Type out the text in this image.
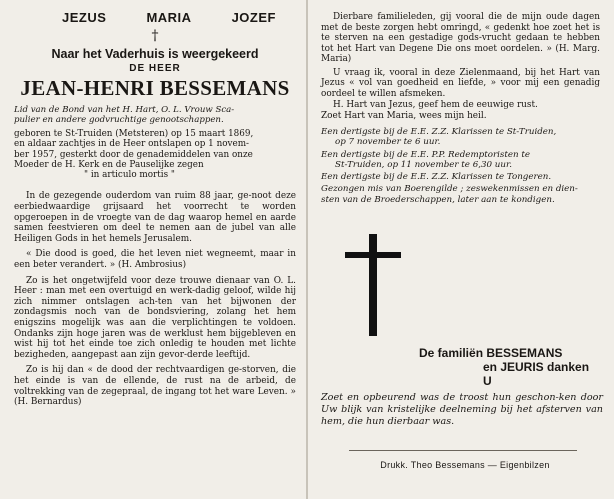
JEZUS	MARIA	JOZEF
†
Naar het Vaderhuis is weergekeerd
DE HEER
JEAN-HENRI BESSEMANS
Lid van de Bond van het H. Hart, O. L. Vrouw Sca-
pulier en andere godvruchtige genootschappen.
geboren te St-Truiden (Metsteren) op 15 maart 1869,
en aldaar zachtjes in de Heer ontslapen op 1 novem-
ber 1957, gesterkt door de genademiddelen van onze
Moeder de H. Kerk en de Pauselijke zegen
" in articulo mortis "
In de gezegende ouderdom van ruim 88 jaar, ge-noot deze eerbiedwaardige grijsaard het voorrecht te worden opgeroepen in de vroegte van de dag waarop hemel en aarde samen feestvieren om deel te nemen aan de jubel van alle Heiligen Gods in het hemels Jerusalem.
« Die dood is goed, die het leven niet wegneemt, maar in een beter verandert. » (H. Ambrosius)
Zo is het ongetwijfeld voor deze trouwe dienaar van O. L. Heer : man met een overtuigd en werk-dadig geloof, wilde hij zich nimmer ontslagen ach-ten van het bijwonen der zondagsmis noch van de bondsviering, zolang het hem enigszins mogelijk was aan die verplichtingen te voldoen. Ondanks zijn hoge jaren was de werklust hem bijgebleven en wist hij tot het einde toe zich onledig te houden met lichte bezigheden, aangepast aan zijn gevor-derde leeftijd.
Zo is hij dan « de dood der rechtvaardigen ge-storven, die het einde is van de ellende, de rust na de arbeid, de voltrekking van de zegepraal, de ingang tot het ware Leven. » (H. Bernardus)
Dierbare familieleden, gij vooral die de mijn oude dagen met de beste zorgen hebt omringd, « gedenkt hoe zoet het is te sterven na een gestadige gods-vrucht gedaan te hebben tot het Hart van Degene Die ons moet oordelen. » (H. Marg. Maria)
U vraag ik, vooral in deze Zielenmaand, bij het Hart van Jezus « vol van goedheid en liefde, » voor mij een genadig oordeel te willen afsmeken.
H. Hart van Jezus, geef hem de eeuwige rust.
Zoet Hart van Maria, wees mijn heil.
Een dertigste bij de E.E. Z.Z. Klarissen te St-Truiden,
op 7 november te 6 uur.
Een dertigste bij de E.E. P.P. Redemptoristen te
St-Truiden, op 11 november te 6,30 uur.
Een dertigste bij de E.E. Z.Z. Klarissen te Tongeren.
Gezongen mis van Boerengilde ; zeswekenmissen en dien-
sten van de Broederschappen, later aan te kondigen.
De familiën BESSEMANS
en JEURIS danken U
Zoet en opbeurend was de troost hun geschon-ken door Uw blijk van kristelijke deelneming bij het afsterven van hem, die hun dierbaar was.
Drukk. Theo Bessemans — Eigenbilzen
